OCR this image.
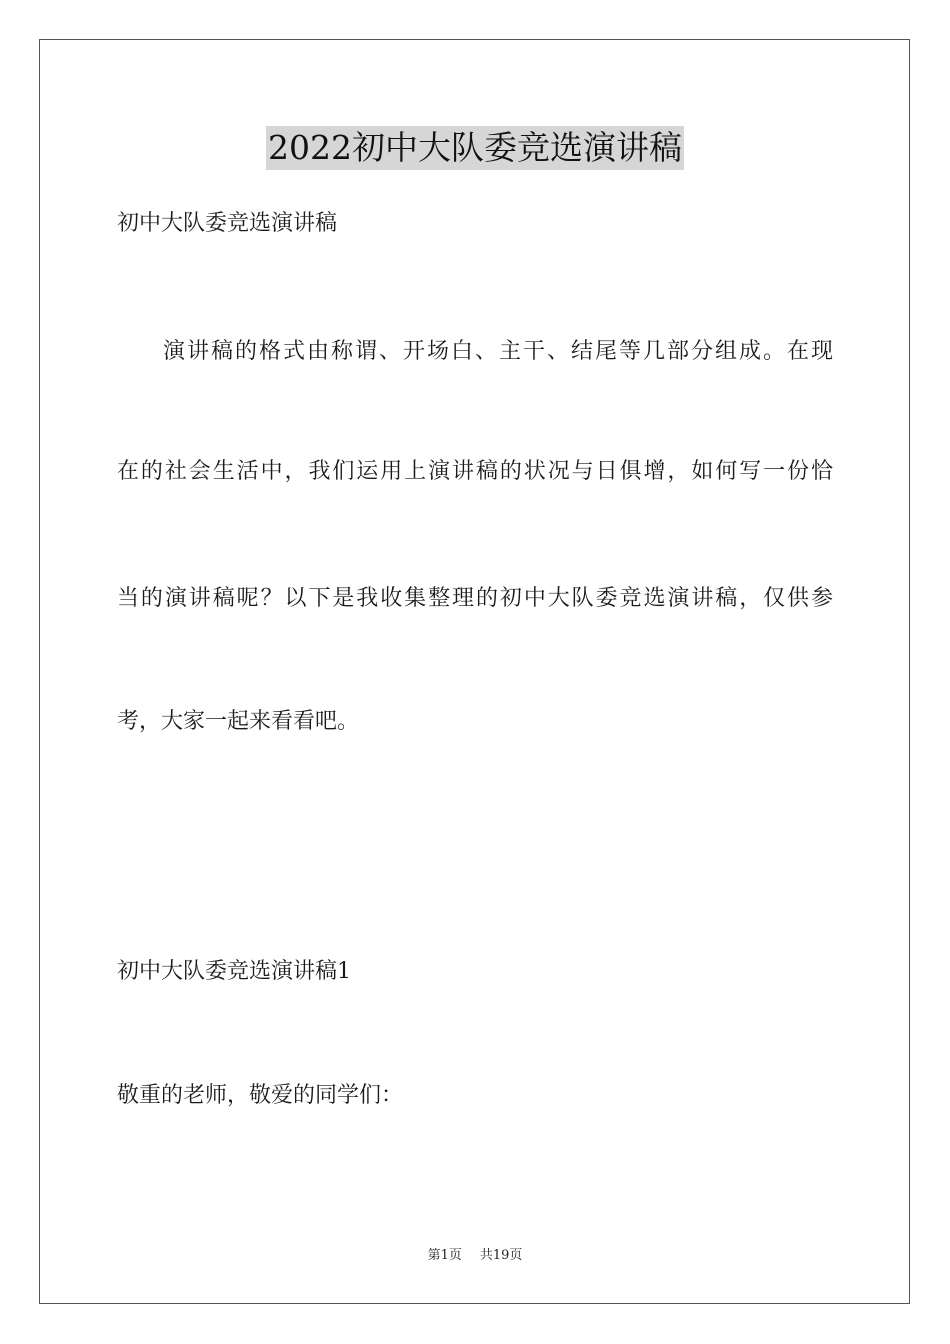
2022初中大队委竞选演讲稿
初中大队委竞选演讲稿
演讲稿的格式由称谓、开场白、主干、结尾等几部分组成。在现
在的社会生活中，我们运用上演讲稿的状况与日俱增，如何写一份恰
当的演讲稿呢？以下是我收集整理的初中大队委竞选演讲稿，仅供参
考，大家一起来看看吧。
初中大队委竞选演讲稿1
敬重的老师，敬爱的同学们：
第1页 共19页
